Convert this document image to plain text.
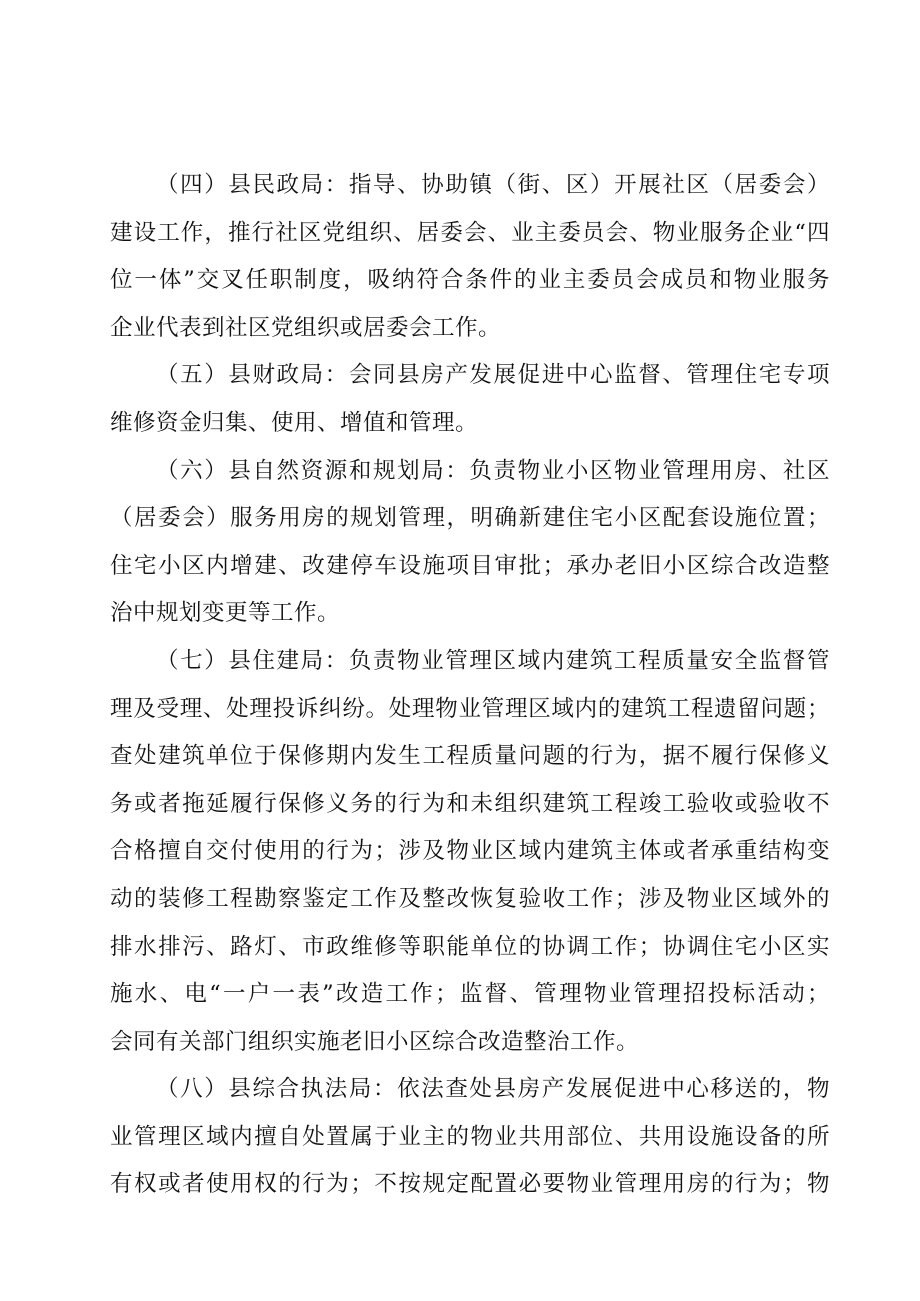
（四）县民政局：指导、协助镇（街、区）开展社区（居委会）
建设工作，推行社区党组织、居委会、业主委员会、物业服务企业“四
位一体”交叉任职制度，吸纳符合条件的业主委员会成员和物业服务
企业代表到社区党组织或居委会工作。
（五）县财政局：会同县房产发展促进中心监督、管理住宅专项
维修资金归集、使用、增值和管理。
（六）县自然资源和规划局：负责物业小区物业管理用房、社区
（居委会）服务用房的规划管理，明确新建住宅小区配套设施位置；
住宅小区内增建、改建停车设施项目审批；承办老旧小区综合改造整
治中规划变更等工作。
（七）县住建局：负责物业管理区域内建筑工程质量安全监督管
理及受理、处理投诉纠纷。处理物业管理区域内的建筑工程遗留问题；
查处建筑单位于保修期内发生工程质量问题的行为，据不履行保修义
务或者拖延履行保修义务的行为和未组织建筑工程竣工验收或验收不
合格擅自交付使用的行为；涉及物业区域内建筑主体或者承重结构变
动的装修工程勘察鉴定工作及整改恢复验收工作；涉及物业区域外的
排水排污、路灯、市政维修等职能单位的协调工作；协调住宅小区实
施水、电“一户一表”改造工作；监督、管理物业管理招投标活动；
会同有关部门组织实施老旧小区综合改造整治工作。
（八）县综合执法局：依法查处县房产发展促进中心移送的，物
业管理区域内擅自处置属于业主的物业共用部位、共用设施设备的所
有权或者使用权的行为；不按规定配置必要物业管理用房的行为；物
